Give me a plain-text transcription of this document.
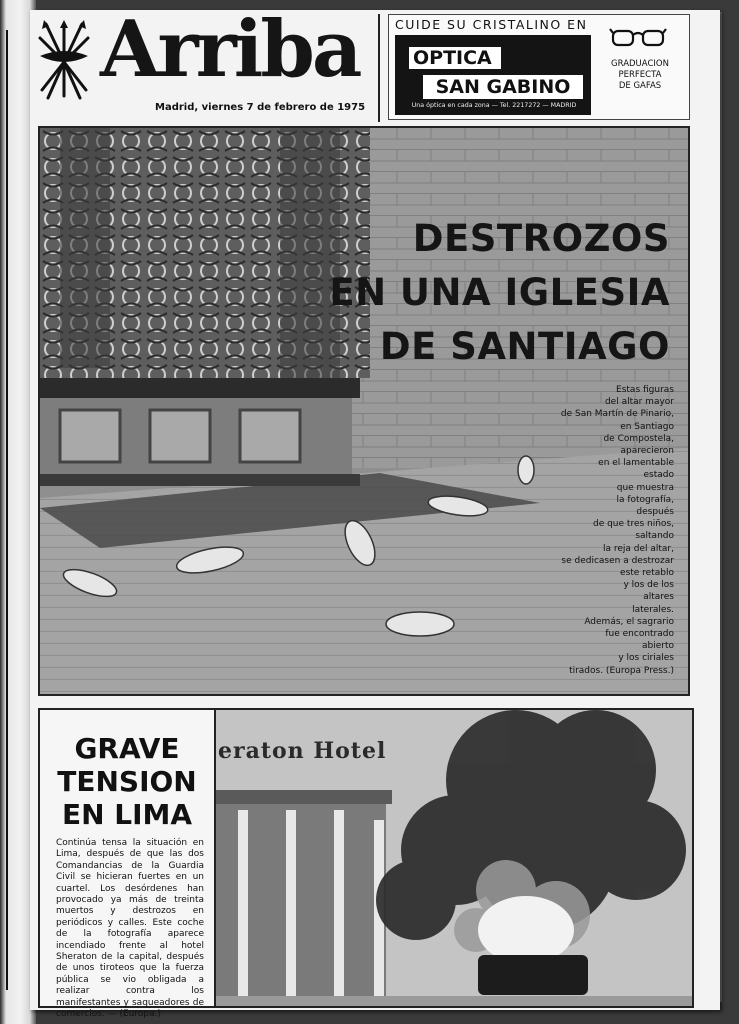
Arriba
Madrid, viernes 7 de febrero de 1975
CUIDE SU CRISTALINO EN
OPTICA
SAN GABINO
Una óptica en cada zona — Tel. 2217272 — MADRID
GRADUACION
PERFECTA
DE GAFAS
DESTROZOS
EN UNA IGLESIA
DE SANTIAGO
Estas figuras
del altar mayor
de San Martín de Pinario,
en Santiago
de Compostela,
aparecieron
en el lamentable
estado
que muestra
la fotografía,
después
de que tres niños,
saltando
la reja del altar,
se dedicasen a destrozar
este retablo
y los de los
altares
laterales.
Además, el sagrario
fue encontrado
abierto
y los ciriales
tirados. (Europa Press.)
GRAVE
TENSION
EN LIMA
Continúa tensa la situación en Lima, después de que las dos Comandancias de la Guardia Civil se hicieran fuertes en un cuartel. Los desórdenes han provocado ya más de treinta muertos y destrozos en periódicos y calles. Este coche de la fotografía aparece incendiado frente al hotel Sheraton de la capital, después de unos tiroteos que la fuerza pública se vio obligada a realizar contra los manifestantes y saqueadores de comercios. — (Europa.)
eraton Hotel
